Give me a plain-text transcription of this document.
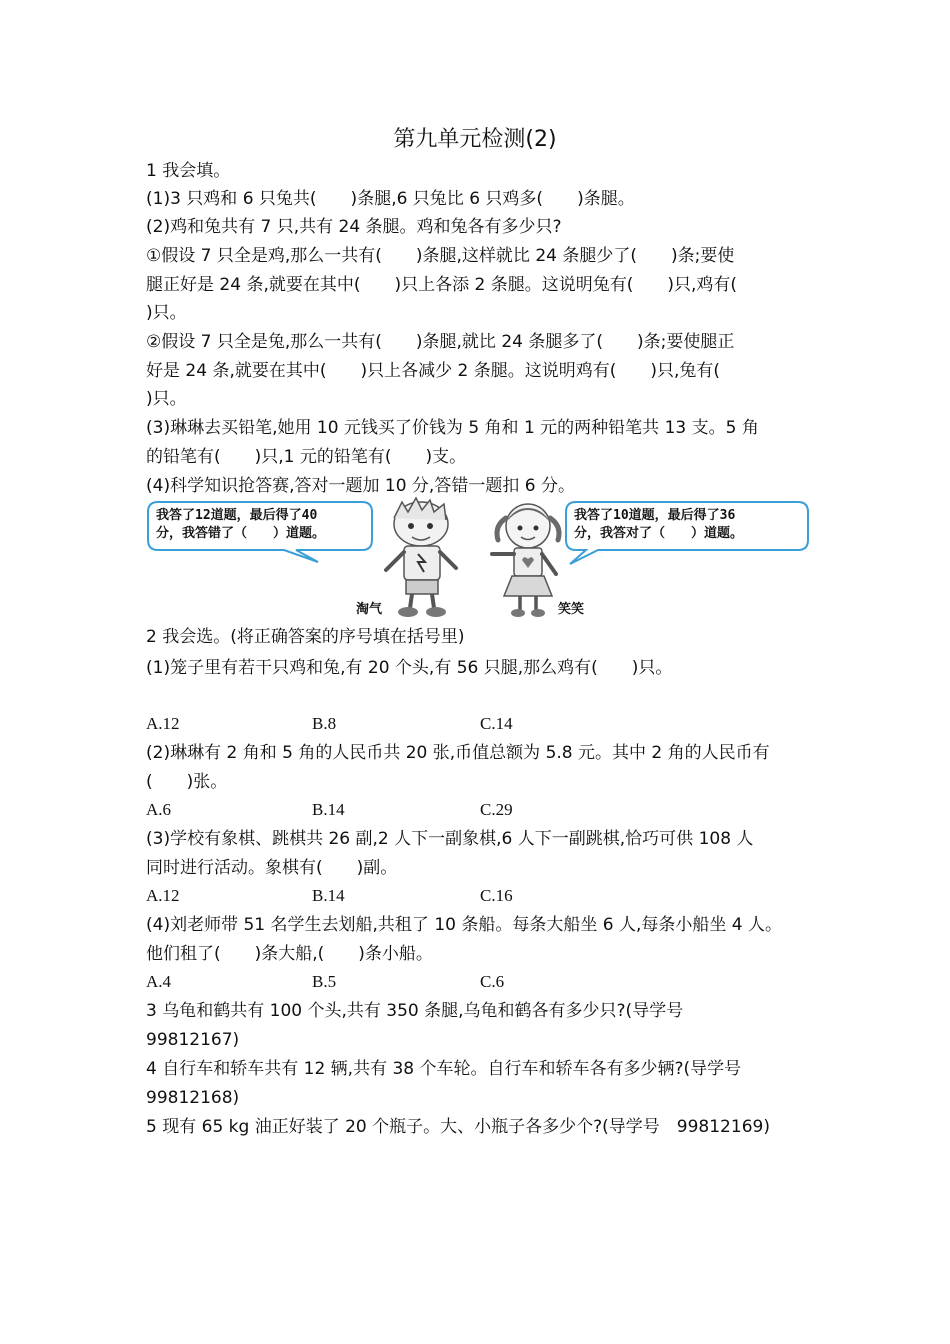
第九单元检测(2)
1 我会填。
(1)3 只鸡和 6 只兔共(　　)条腿,6 只兔比 6 只鸡多(　　)条腿。
(2)鸡和兔共有 7 只,共有 24 条腿。鸡和兔各有多少只?
①假设 7 只全是鸡,那么一共有(　　)条腿,这样就比 24 条腿少了(　　)条;要使
腿正好是 24 条,就要在其中(　　)只上各添 2 条腿。这说明兔有(　　)只,鸡有(
)只。
②假设 7 只全是兔,那么一共有(　　)条腿,就比 24 条腿多了(　　)条;要使腿正
好是 24 条,就要在其中(　　)只上各减少 2 条腿。这说明鸡有(　　)只,兔有(
)只。
(3)琳琳去买铅笔,她用 10 元钱买了价钱为 5 角和 1 元的两种铅笔共 13 支。5 角
的铅笔有(　　)只,1 元的铅笔有(　　)支。
(4)科学知识抢答赛,答对一题加 10 分,答错一题扣 6 分。
我答了12道题，最后得了40
分，我答错了（　　）道题。
淘气
我答了10道题，最后得了36
分，我答对了（　　）道题。
笑笑
2 我会选。(将正确答案的序号填在括号里)
(1)笼子里有若干只鸡和兔,有 20 个头,有 56 只腿,那么鸡有(　　)只。
A.12	B.8	C.14
(2)琳琳有 2 角和 5 角的人民币共 20 张,币值总额为 5.8 元。其中 2 角的人民币有
(　　)张。
A.6	B.14	C.29
(3)学校有象棋、跳棋共 26 副,2 人下一副象棋,6 人下一副跳棋,恰巧可供 108 人
同时进行活动。象棋有(　　)副。
A.12	B.14	C.16
(4)刘老师带 51 名学生去划船,共租了 10 条船。每条大船坐 6 人,每条小船坐 4 人。
他们租了(　　)条大船,(　　)条小船。
A.4	B.5	C.6
3 乌龟和鹤共有 100 个头,共有 350 条腿,乌龟和鹤各有多少只?(导学号
99812167)
4 自行车和轿车共有 12 辆,共有 38 个车轮。自行车和轿车各有多少辆?(导学号
99812168)
5 现有 65 kg 油正好装了 20 个瓶子。大、小瓶子各多少个?(导学号　99812169)
